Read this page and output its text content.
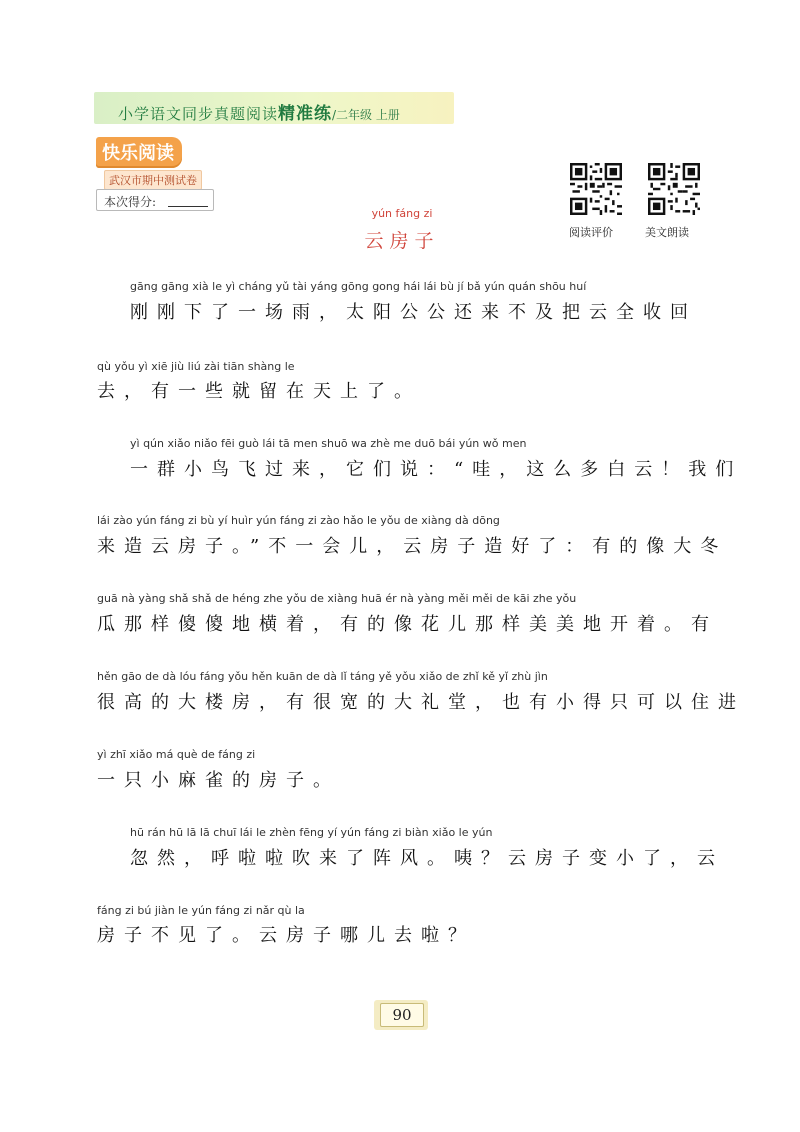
小学语文同步真题阅读精准练/二年级 上册
快乐阅读
武汉市期中测试卷
本次得分:
阅读评价	美文朗读
yún fáng zi
云房子
gāng gāng xià le yì cháng yǔ tài yáng gōng gong hái lái bù jí bǎ yún quán shōu huí
刚刚下了一场雨，太阳公公还来不及把云全收回
qù yǒu yì xiē jiù liú zài tiān shàng le
去，有一些就留在天上了。
yì qún xiǎo niǎo fēi guò lái tā men shuō wa zhè me duō bái yún wǒ men
一群小鸟飞过来，它们说：“哇，这么多白云！我们
lái zào yún fáng zi bù yí huìr yún fáng zi zào hǎo le yǒu de xiàng dà dōng
来造云房子。”不一会儿，云房子造好了：有的像大冬
guā nà yàng shǎ shǎ de héng zhe yǒu de xiàng huā ér nà yàng měi měi de kāi zhe yǒu
瓜那样傻傻地横着，有的像花儿那样美美地开着。有
hěn gāo de dà lóu fáng yǒu hěn kuān de dà lǐ táng yě yǒu xiǎo de zhǐ kě yǐ zhù jìn
很高的大楼房，有很宽的大礼堂，也有小得只可以住进
yì zhī xiǎo má què de fáng zi
一只小麻雀的房子。
hū rán hū lā lā chuī lái le zhèn fēng yí yún fáng zi biàn xiǎo le yún
忽然，呼啦啦吹来了阵风。咦？云房子变小了，云
fáng zi bú jiàn le yún fáng zi nǎr qù la
房子不见了。云房子哪儿去啦？
90
